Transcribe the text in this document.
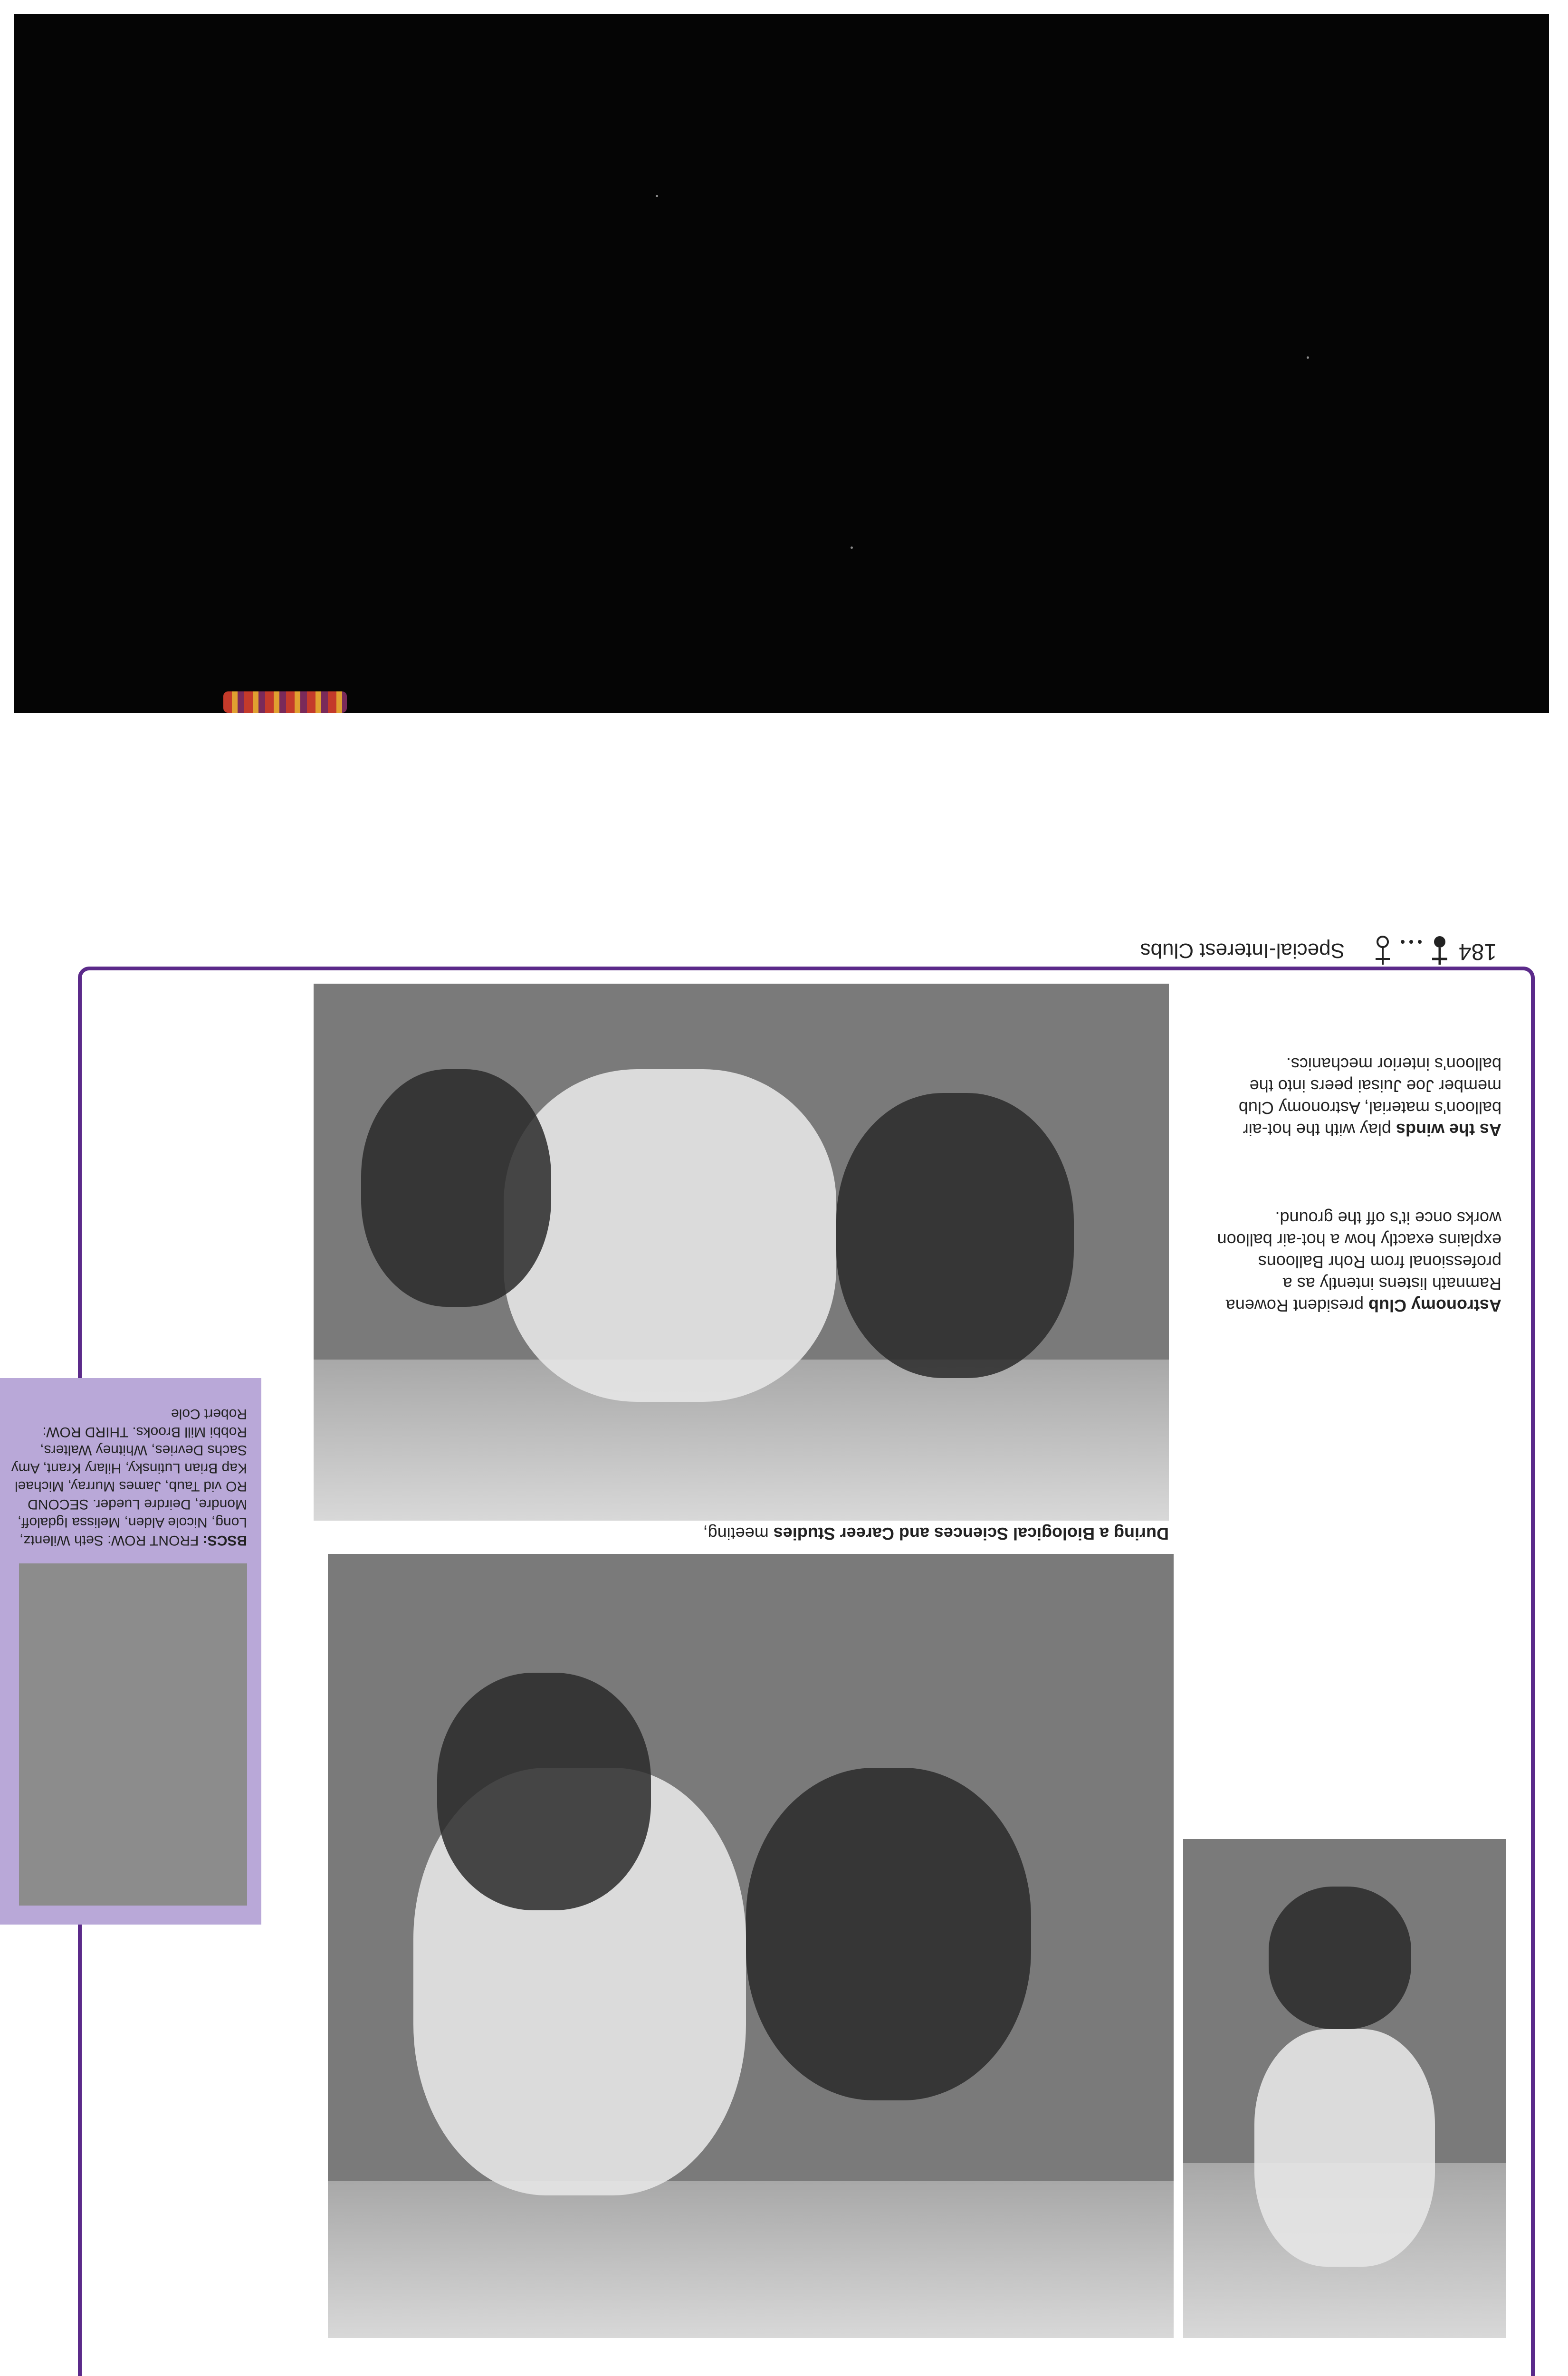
During a Biological Sciences and Career Studies meeting,
Astronomy Club president Rowena Ramnath listens intently as a professional from Rohr Balloons explains exactly how a hot-air balloon works once it's off the ground.
As the winds play with the hot-air balloon's material, Astronomy Club member Joe Juisai peers into the balloon's interior mechanics.
BSCS: FRONT ROW: Seth Wilentz, Long, Nicole Alden, Melissa Igdaloff, Mondre, Deirdre Lueder. SECOND RO vid Taub, James Murray, Michael Kap Brian Lutinsky, Hilary Krant, Amy Sachs Devries, Whitney Walters, Robbi Mill Brooks. THIRD ROW: Robert Cole
184
Special-Interest Clubs
